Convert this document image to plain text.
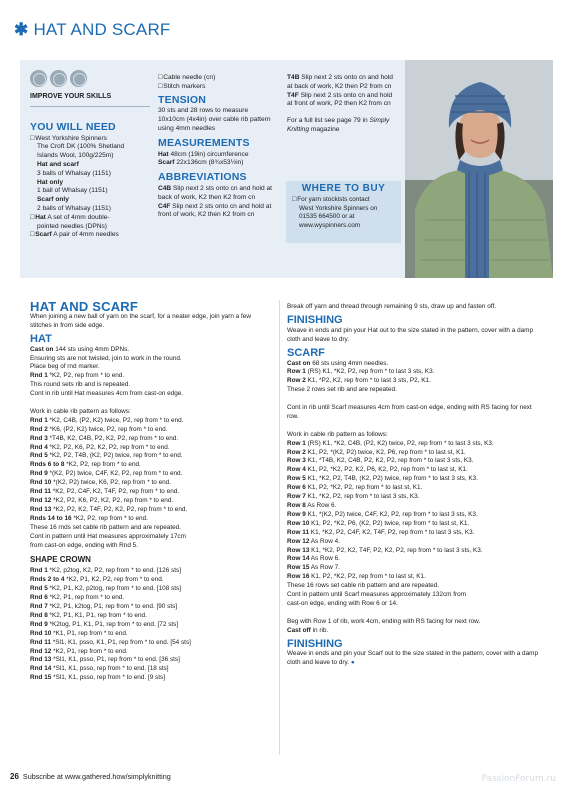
✱ HAT AND SCARF
IMPROVE YOUR SKILLS
YOU WILL NEED
□ West Yorkshire Spinners
The Croft DK (100% Shetland
Islands Wool, 100g/225m)
Hat and scarf
3 balls of Whalsay (1151)
Hat only
1 ball of Whalsay (1151)
Scarf only
2 balls of Whalsay (1151)
□ Hat A set of 4mm double-
pointed needles (DPNs)
□ Scarf A pair of 4mm needles
□ Cable needle (cn)
□ Stitch markers
TENSION
30 sts and 28 rows to measure 10x10cm (4x4in) over cable rib pattern using 4mm needles
MEASUREMENTS
Hat 48cm (19in) circumference
Scarf 22x136cm (8¾x53½in)
ABBREVIATIONS
C4B Slip next 2 sts onto cn and hold at back of work, K2 then K2 from cn
C4F Slip next 2 sts onto cn and hold at front of work, K2 then K2 from cn
T4B Slip next 2 sts onto cn and hold at back of work, K2 then P2 from cn
T4F Slip next 2 sts onto cn and hold at front of work, P2 then K2 from cn
For a full list see page 79 in Simply Knitting magazine
WHERE TO BUY
□ For yarn stockists contact
West Yorkshire Spinners on
01535 664500 or at
www.wyspinners.com
HAT AND SCARF
When joining a new ball of yarn on the scarf, for a neater edge, join yarn a few stitches in from side edge.
HAT
Cast on 144 sts using 4mm DPNs.
Ensuring sts are not twisted, join to work in the round.
Place beg of rnd marker.
Rnd 1 *K2, P2, rep from * to end.
This round sets rib and is repeated.
Cont in rib until Hat measures 4cm from cast-on edge.
Work in cable rib pattern as follows:
Rnd 1 *K2, C4B, (P2, K2) twice, P2, rep from * to end.
Rnd 2 *K6, (P2, K2) twice, P2, rep from * to end.
Rnd 3 *T4B, K2, C4B, P2, K2, P2, rep from * to end.
Rnd 4 *K2, P2, K6, P2, K2, P2, rep from * to end.
Rnd 5 *K2, P2, T4B, (K2, P2) twice, rep from * to end.
Rnds 6 to 8 *K2, P2, rep from * to end.
Rnd 9 *(K2, P2) twice, C4F, K2, P2, rep from * to end.
Rnd 10 *(K2, P2) twice, K6, P2, rep from * to end.
Rnd 11 *K2, P2, C4F, K2, T4F, P2, rep from * to end.
Rnd 12 *K2, P2, K6, P2, K2, P2, rep from * to end.
Rnd 13 *K2, P2, K2, T4F, P2, K2, P2, rep from * to end.
Rnds 14 to 16 *K2, P2, rep from * to end.
These 16 rnds set cable rib pattern and are repeated.
Cont in pattern until Hat measures approximately 17cm
from cast-on edge, ending with Rnd 5.
SHAPE CROWN
Rnd 1 *K2, p2tog, K2, P2, rep from * to end. [126 sts]
Rnds 2 to 4 *K2, P1, K2, P2, rep from * to end.
Rnd 5 *K2, P1, K2, p2tog, rep from * to end. [108 sts]
Rnd 6 *K2, P1, rep from * to end.
Rnd 7 *K2, P1, k2tog, P1, rep from * to end. [90 sts]
Rnd 8 *K2, P1, K1, P1, rep from * to end.
Rnd 9 *K2tog, P1, K1, P1, rep from * to end. [72 sts]
Rnd 10 *K1, P1, rep from * to end.
Rnd 11 *Sl1, K1, psso, K1, P1, rep from * to end. [54 sts]
Rnd 12 *K2, P1, rep from * to end.
Rnd 13 *Sl1, K1, psso, P1, rep from * to end. [36 sts]
Rnd 14 *Sl1, K1, psso, rep from * to end. [18 sts]
Rnd 15 *Sl1, K1, psso, rep from * to end. [9 sts]
Break off yarn and thread through remaining 9 sts, draw up and fasten off.
FINISHING
Weave in ends and pin your Hat out to the size stated in the pattern, cover with a damp cloth and leave to dry.
SCARF
Cast on 68 sts using 4mm needles.
Row 1 (RS) K1, *K2, P2, rep from * to last 3 sts, K3.
Row 2 K1, *P2, K2, rep from * to last 3 sts, P2, K1.
These 2 rows set rib and are repeated.
Cont in rib until Scarf measures 4cm from cast-on edge, ending with RS facing for next row.
Work in cable rib pattern as follows:
Row 1 (RS) K1, *K2, C4B, (P2, K2) twice, P2, rep from * to last 3 sts, K3.
Row 2 K1, P2, *(K2, P2) twice, K2, P6, rep from * to last st, K1.
Row 3 K1, *T4B, K2, C4B, P2, K2, P2, rep from * to last 3 sts, K3.
Row 4 K1, P2, *K2, P2, K2, P6, K2, P2, rep from * to last st, K1.
Row 5 K1, *K2, P2, T4B, (K2, P2) twice, rep from * to last 3 sts, K3.
Row 6 K1, P2, *K2, P2, rep from * to last st, K1.
Row 7 K1, *K2, P2, rep from * to last 3 sts, K3.
Row 8 As Row 6.
Row 9 K1, *(K2, P2) twice, C4F, K2, P2, rep from * to last 3 sts, K3.
Row 10 K1, P2, *K2, P6, (K2, P2) twice, rep from * to last st, K1.
Row 11 K1, *K2, P2, C4F, K2, T4F, P2, rep from * to last 3 sts, K3.
Row 12 As Row 4.
Row 13 K1, *K2, P2, K2, T4F, P2, K2, P2, rep from * to last 3 sts, K3.
Row 14 As Row 6.
Row 15 As Row 7.
Row 16 K1, P2, *K2, P2, rep from * to last st, K1.
These 16 rows set cable rib pattern and are repeated.
Cont in pattern until Scarf measures approximately 132cm from
cast-on edge, ending with Row 6 or 14.
Beg with Row 1 of rib, work 4cm, ending with RS facing for next row.
Cast off in rib.
FINISHING
Weave in ends and pin your Scarf out to the size stated in the pattern, cover with a damp cloth and leave to dry. ●
26 Subscribe at www.gathered.how/simplyknitting	PassionForum.ru
